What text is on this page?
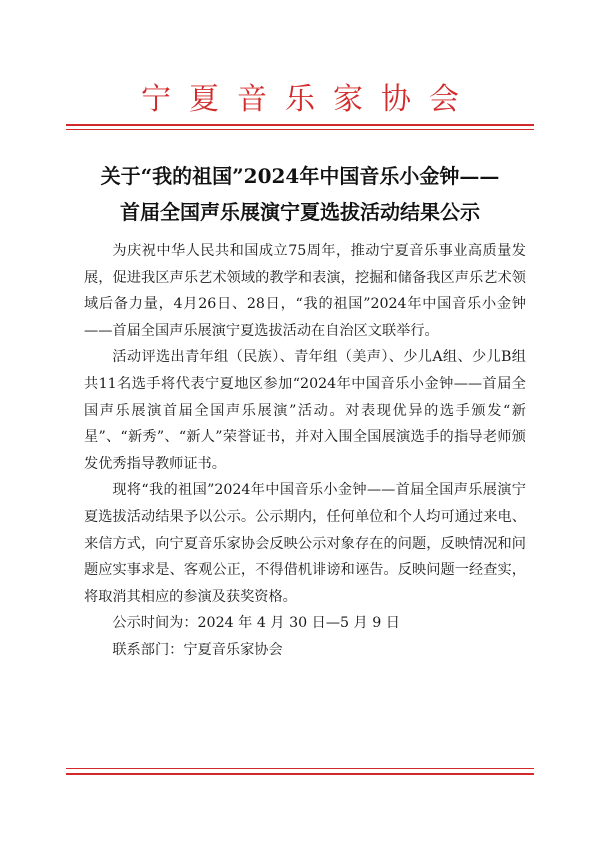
宁夏音乐家协会
关于“我的祖国”2024年中国音乐小金钟——
首届全国声乐展演宁夏选拔活动结果公示

为庆祝中华人民共和国成立75周年，推动宁夏音乐事业高质量发展，促进我区声乐艺术领域的教学和表演，挖掘和储备我区声乐艺术领域后备力量，4月26日、28日，“我的祖国”2024年中国音乐小金钟——首届全国声乐展演宁夏选拔活动在自治区文联举行。

活动评选出青年组（民族）、青年组（美声）、少儿A组、少儿B组共11名选手将代表宁夏地区参加“2024年中国音乐小金钟——首届全国声乐展演首届全国声乐展演”活动。对表现优异的选手颁发“新星”、“新秀”、“新人”荣誉证书，并对入围全国展演选手的指导老师颁发优秀指导教师证书。

现将“我的祖国”2024年中国音乐小金钟——首届全国声乐展演宁夏选拔活动结果予以公示。公示期内，任何单位和个人均可通过来电、来信方式，向宁夏音乐家协会反映公示对象存在的问题，反映情况和问题应实事求是、客观公正，不得借机诽谤和诬告。反映问题一经查实，将取消其相应的参演及获奖资格。

公示时间为：2024 年 4 月 30 日—5 月 9 日

联系部门：宁夏音乐家协会
